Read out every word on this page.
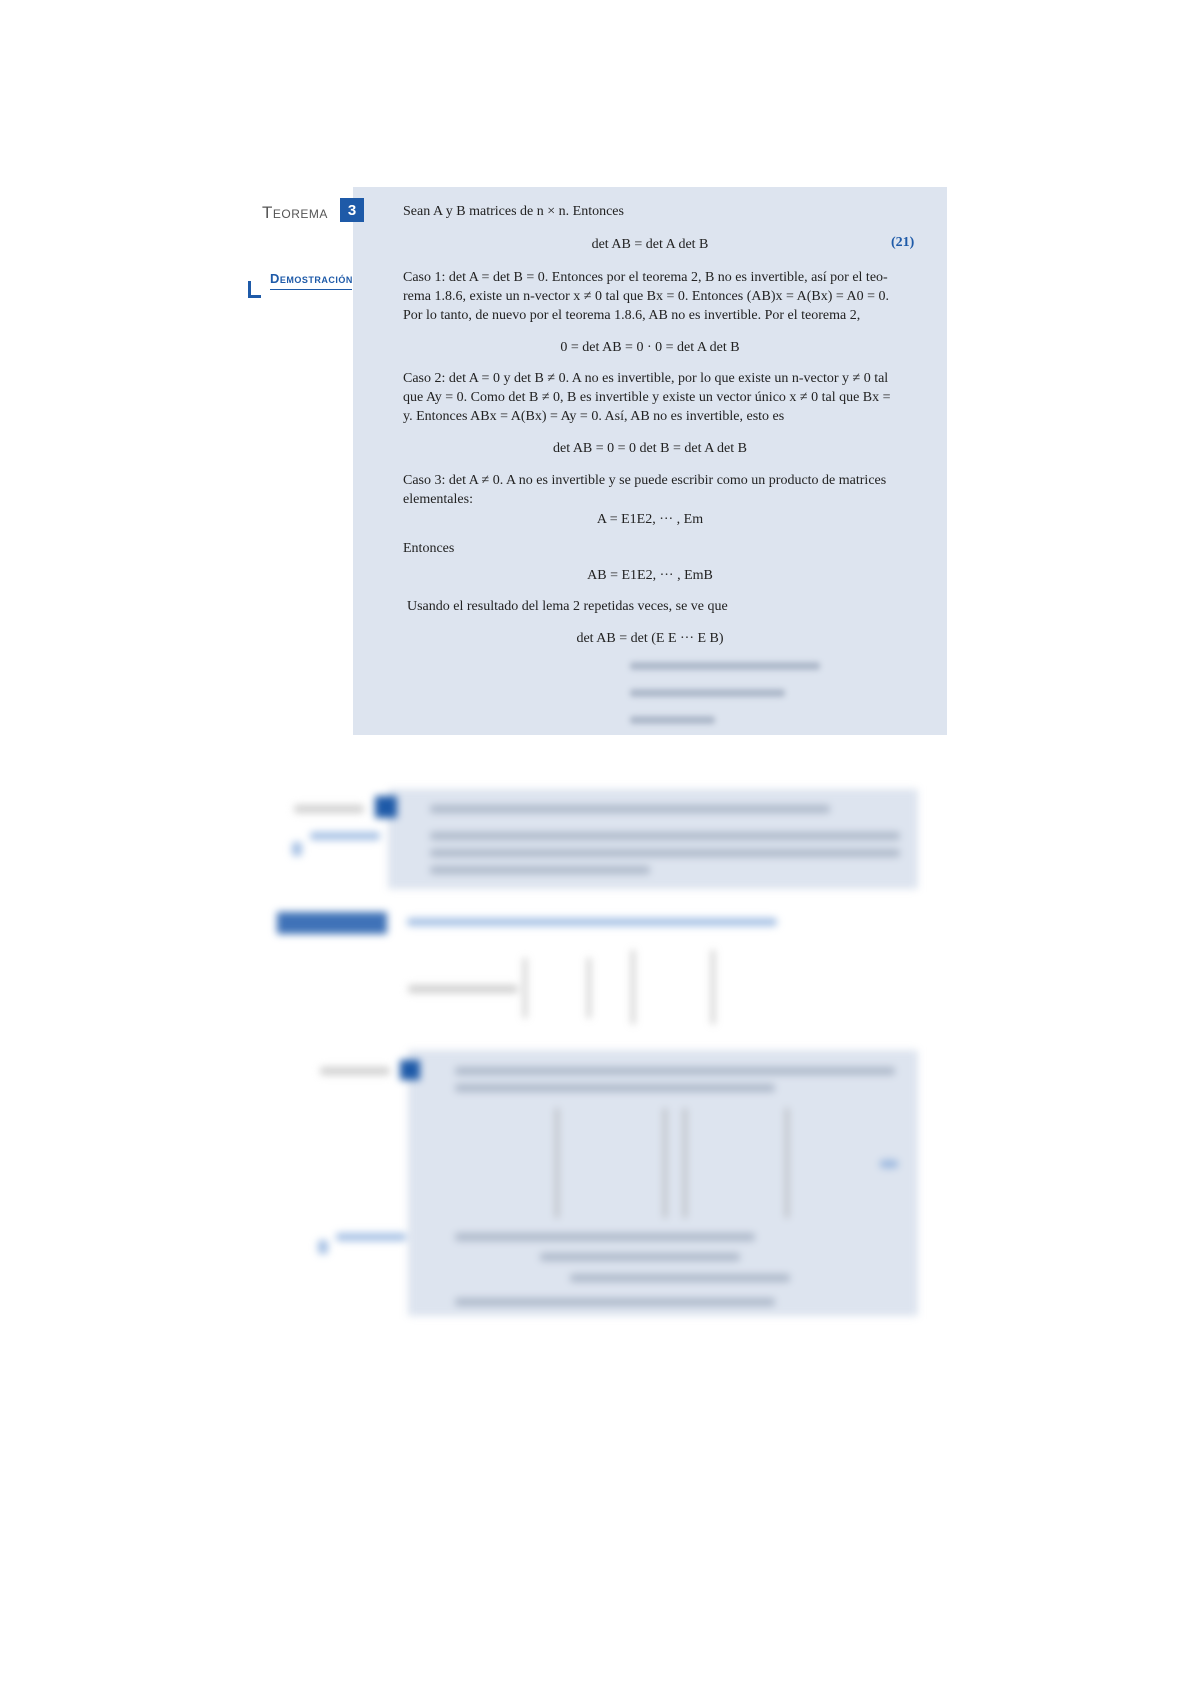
Teorema	3
Demostración
Sean A y B matrices de n × n. Entonces
det AB = det A det B	(21)
Caso 1: det A = det B = 0. Entonces por el teorema 2, B no es invertible, así por el teo-
rema 1.8.6, existe un n-vector x ≠ 0 tal que Bx = 0. Entonces (AB)x = A(Bx) = A0 = 0.
Por lo tanto, de nuevo por el teorema 1.8.6, AB no es invertible. Por el teorema 2,
0 = det AB = 0 · 0 = det A det B
Caso 2: det A = 0 y det B ≠ 0. A no es invertible, por lo que existe un n-vector y ≠ 0 tal
que Ay = 0. Como det B ≠ 0, B es invertible y existe un vector único x ≠ 0 tal que Bx =
y. Entonces ABx = A(Bx) = Ay = 0. Así, AB no es invertible, esto es
det AB = 0 = 0 det B = det A det B
Caso 3: det A ≠ 0. A no es invertible y se puede escribir como un producto de matrices
elementales:
A = E1E2, ··· , Em
Entonces
AB = E1E2, ··· , EmB
Usando el resultado del lema 2 repetidas veces, se ve que
det AB = det (E E ··· E B)
